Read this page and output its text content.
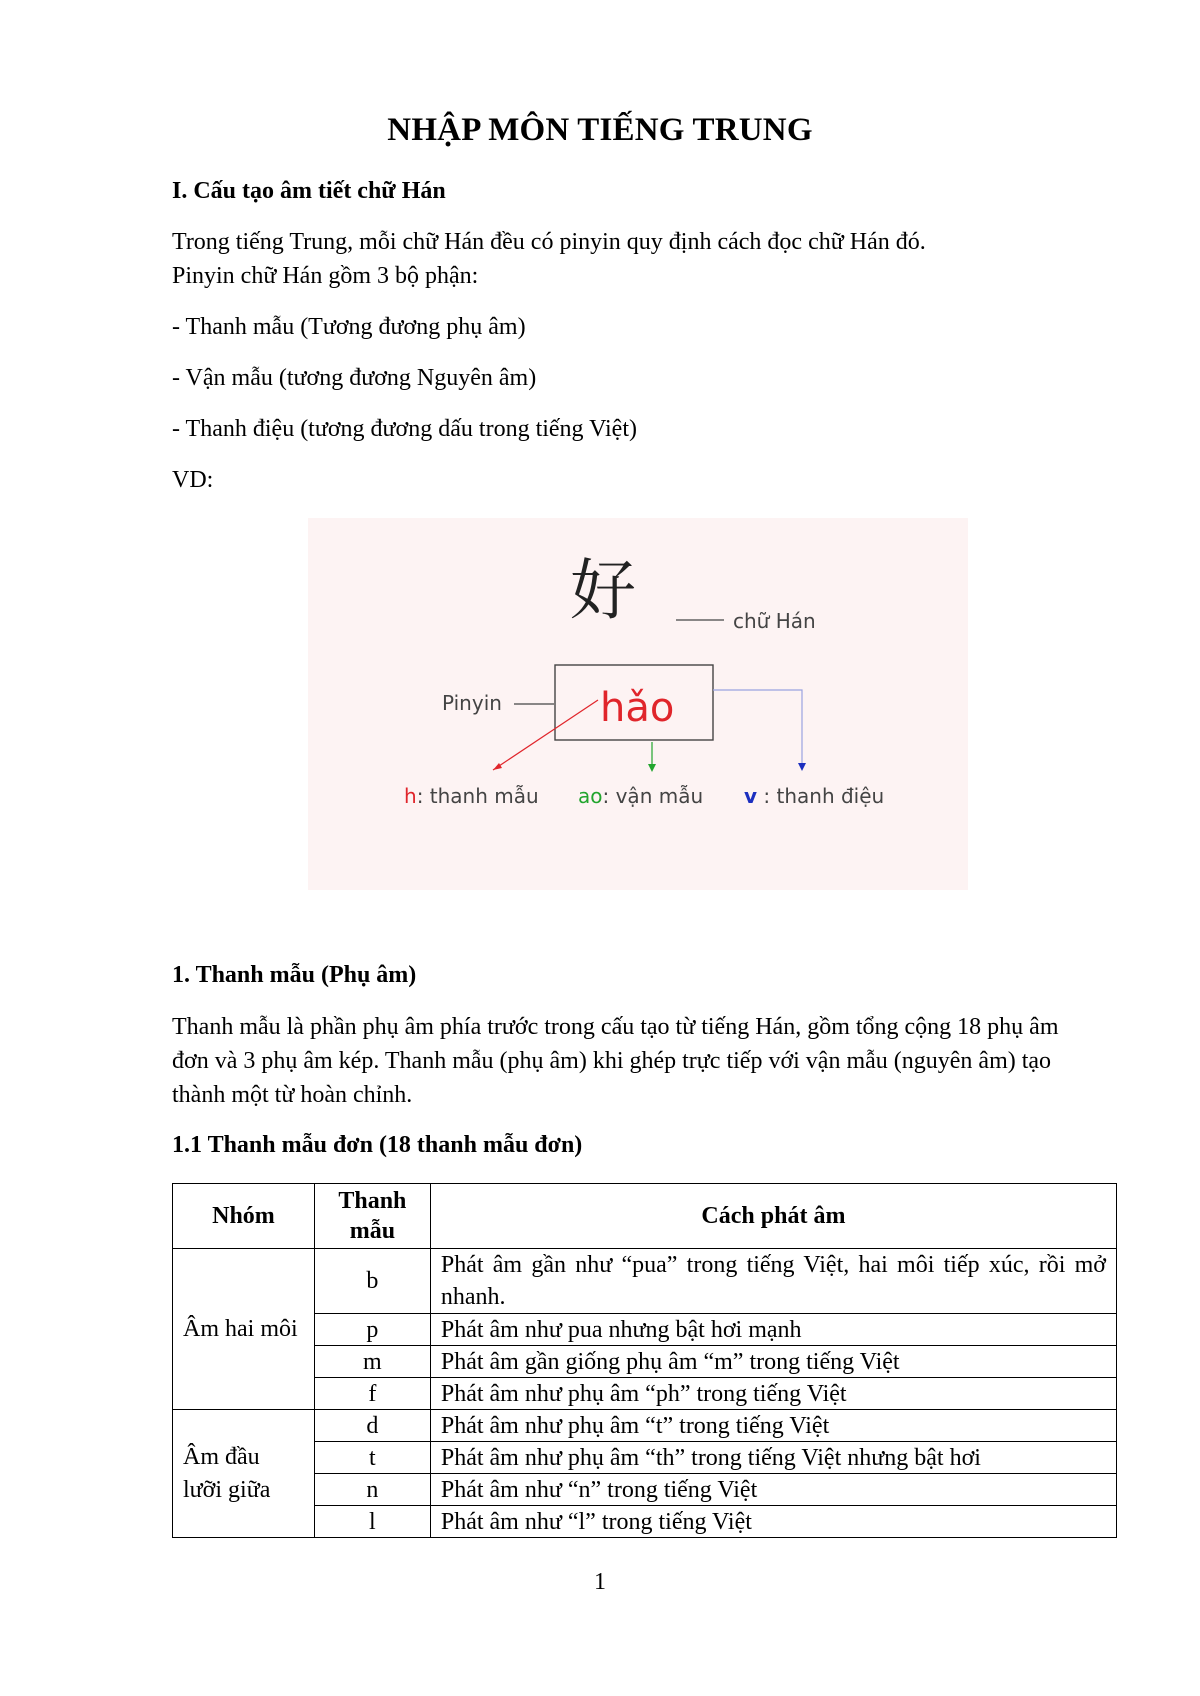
NHẬP MÔN TIẾNG TRUNG
I. Cấu tạo âm tiết chữ Hán
Trong tiếng Trung, mỗi chữ Hán đều có pinyin quy định cách đọc chữ Hán đó.
Pinyin chữ Hán gồm 3 bộ phận:
- Thanh mẫu (Tương đương phụ âm)
- Vận mẫu (tương đương Nguyên âm)
- Thanh điệu (tương đương dấu trong tiếng Việt)
VD:
好	chữ Hán
Pinyin hǎo
h: thanh mẫu ao: vận mẫu v : thanh điệu
1. Thanh mẫu (Phụ âm)
Thanh mẫu là phần phụ âm phía trước trong cấu tạo từ tiếng Hán, gồm tổng cộng 18 phụ âm đơn và 3 phụ âm kép. Thanh mẫu (phụ âm) khi ghép trực tiếp với vận mẫu (nguyên âm) tạo thành một từ hoàn chỉnh.
1.1 Thanh mẫu đơn (18 thanh mẫu đơn)
Nhóm	Thanh mẫu	Cách phát âm
Âm hai môi	b	Phát âm gần như “pua” trong tiếng Việt, hai môi tiếp xúc, rồi mở nhanh.
	p	Phát âm như pua nhưng bật hơi mạnh
	m	Phát âm gần giống phụ âm “m” trong tiếng Việt
	f	Phát âm như phụ âm “ph” trong tiếng Việt
Âm đầu lưỡi giữa	d	Phát âm như phụ âm “t” trong tiếng Việt
	t	Phát âm như phụ âm “th” trong tiếng Việt nhưng bật hơi
	n	Phát âm như “n” trong tiếng Việt
	l	Phát âm như “l” trong tiếng Việt
1
